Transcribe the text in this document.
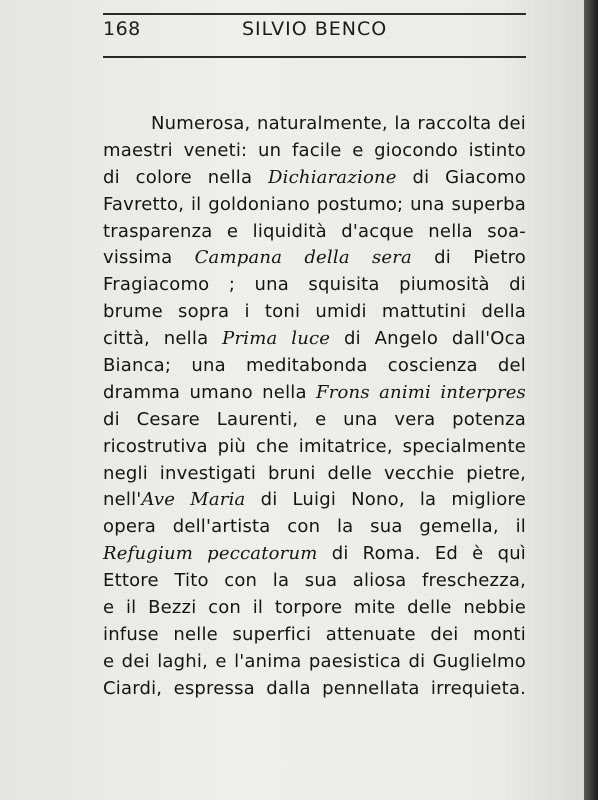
168	SILVIO BENCO
Numerosa, naturalmente, la raccolta dei
maestri veneti: un facile e giocondo istinto
di colore nella Dichiarazione di Giacomo
Favretto, il goldoniano postumo; una superba
trasparenza e liquidità d'acque nella soa-
vissima Campana della sera di Pietro
Fragiacomo ; una squisita piumosità di
brume sopra i toni umidi mattutini della
città, nella Prima luce di Angelo dall'Oca
Bianca; una meditabonda coscienza del
dramma umano nella Frons animi interpres
di Cesare Laurenti, e una vera potenza
ricostrutiva più che imitatrice, specialmente
negli investigati bruni delle vecchie pietre,
nell'Ave Maria di Luigi Nono, la migliore
opera dell'artista con la sua gemella, il
Refugium peccatorum di Roma. Ed è quì
Ettore Tito con la sua aliosa freschezza,
e il Bezzi con il torpore mite delle nebbie
infuse nelle superfici attenuate dei monti
e dei laghi, e l'anima paesistica di Guglielmo
Ciardi, espressa dalla pennellata irrequieta.
